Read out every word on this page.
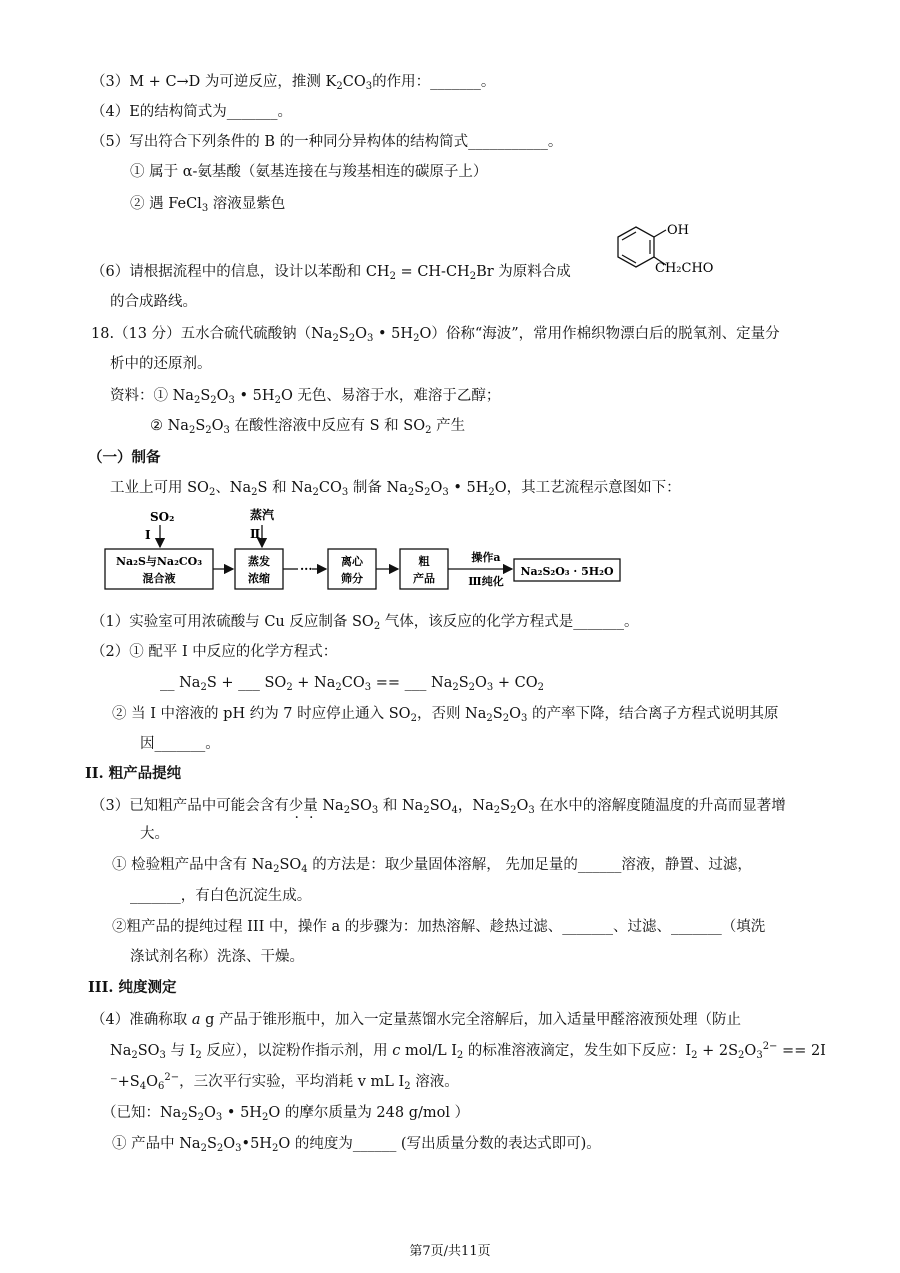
（3）M + C→D 为可逆反应，推测 $K_2CO_3$的作用：_______。
（4）E的结构简式为_______。
（5）写出符合下列条件的 B 的一种同分异构体的结构简式___________。
① 属于 α-氨基酸（氨基连接在与羧基相连的碳原子上）
② 遇 FeCl$_3$ 溶液显紫色
（6）请根据流程中的信息，设计以苯酚和 $CH_2 = CH-CH_2Br$ 为原料合成
的合成路线。
OH
CH₂CHO
18.（13 分）五水合硫代硫酸钠（$Na_2S_2O_3$ • $5H_2O$）俗称“海波”，常用作棉织物漂白后的脱氧剂、定量分
析中的还原剂。
资料：① $Na_2S_2O_3$ • $5H_2O$ 无色、易溶于水，难溶于乙醇；
② $Na_2S_2O_3$ 在酸性溶液中反应有 S 和 $SO_2$ 产生
（一）制备
工业上可用 $SO_2$、$Na_2S$ 和 $Na_2CO_3$ 制备 $Na_2S_2O_3$ • $5H_2O$，其工艺流程示意图如下：
SO₂
Ⅰ
蒸汽
Ⅱ
Na₂S与Na₂CO₃
混合液
蒸发
浓缩
···
离心
筛分
粗
产品
操作a
Ⅲ纯化
Na₂S₂O₃ · 5H₂O
（1）实验室可用浓硫酸与 Cu 反应制备 $SO_2$ 气体，该反应的化学方程式是_______。
（2）① 配平 Ⅰ 中反应的化学方程式：
__ $Na_2S$ + ___ $SO_2 + Na_2CO_3$ == ___ $Na_2S_2O_3 + CO_2$
② 当 Ⅰ 中溶液的 pH 约为 7 时应停止通入 $SO_2$，否则 $Na_2S_2O_3$ 的产率下降，结合离子方程式说明其原
因_______。
II. 粗产品提纯
（3）已知粗产品中可能会含有少量 $Na_2SO_3$ 和 $Na_2SO_4$，$Na_2S_2O_3$ 在水中的溶解度随温度的升高而显著增
大。
① 检验粗产品中含有 $Na_2SO_4$ 的方法是：取少量固体溶解， 先加足量的______溶液，静置、过滤，
_______，有白色沉淀生成。
②粗产品的提纯过程 III 中，操作 a 的步骤为：加热溶解、趁热过滤、_______、过滤、_______（填洗
涤试剂名称）洗涤、干燥。
III. 纯度测定
（4）准确称取 a g 产品于锥形瓶中，加入一定量蒸馏水完全溶解后，加入适量甲醛溶液预处理（防止
$Na_2SO_3$ 与 $I_2$ 反应），以淀粉作指示剂，用 c mol/L $I_2$ 的标准溶液滴定，发生如下反应：$I_2 + 2S_2O_3^{2-} == 2I$
$^-+S_4O_6^{2-}$，三次平行实验，平均消耗 v mL $I_2$ 溶液。
（已知：$Na_2S_2O_3$ • $5H_2O$ 的摩尔质量为 248 g/mol ）
① 产品中 $Na_2S_2O_3•5H_2O$ 的纯度为______ (写出质量分数的表达式即可)。
第7页/共11页
